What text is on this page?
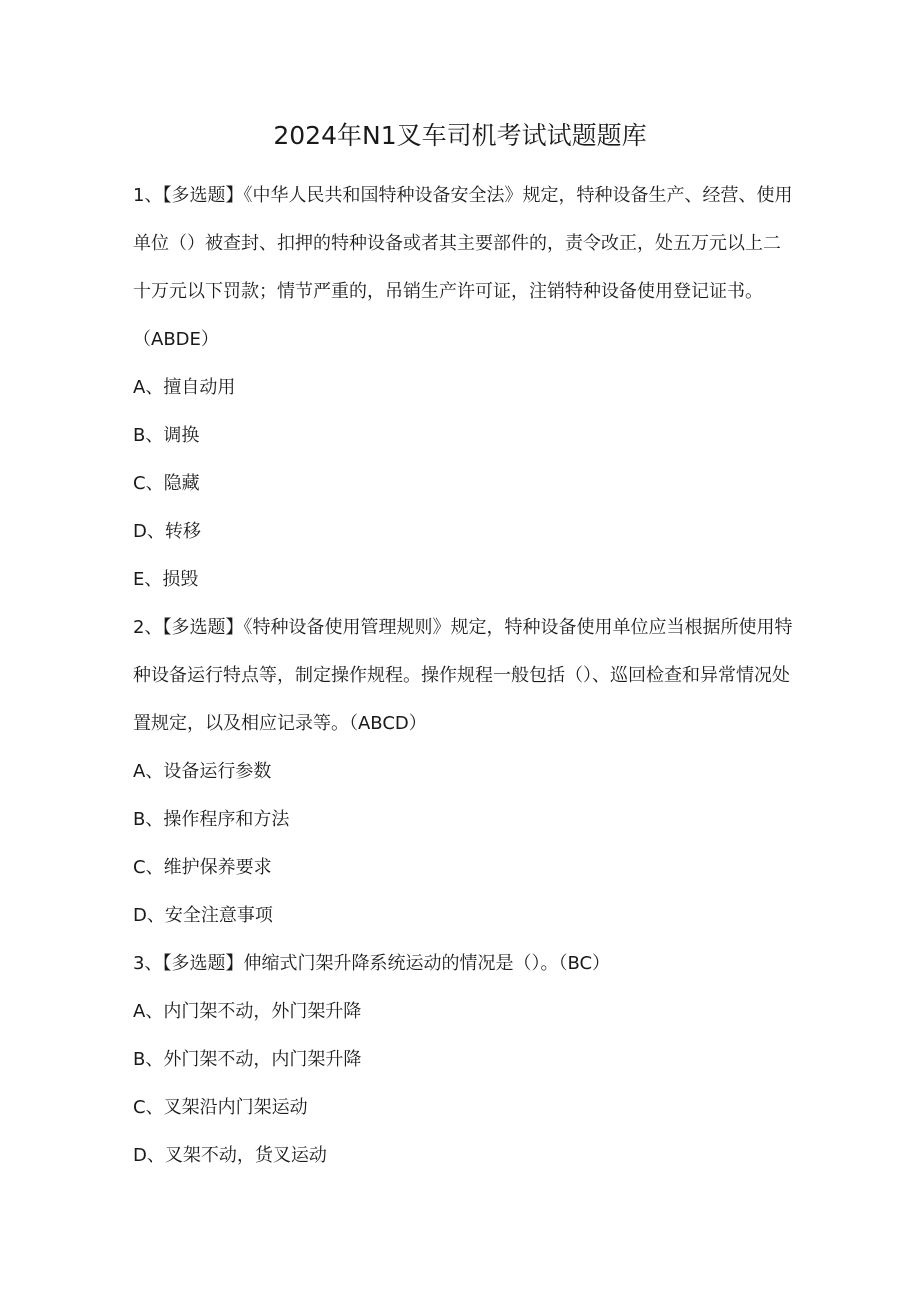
2024年N1叉车司机考试试题题库

1、【多选题】《中华人民共和国特种设备安全法》规定，特种设备生产、经营、使用单位（）被查封、扣押的特种设备或者其主要部件的，责令改正，处五万元以上二十万元以下罚款；情节严重的，吊销生产许可证，注销特种设备使用登记证书。（ABDE）

A、擅自动用

B、调换

C、隐藏

D、转移

E、损毁

2、【多选题】《特种设备使用管理规则》规定，特种设备使用单位应当根据所使用特种设备运行特点等，制定操作规程。操作规程一般包括（）、巡回检查和异常情况处置规定，以及相应记录等。（ABCD）

A、设备运行参数

B、操作程序和方法

C、维护保养要求

D、安全注意事项

3、【多选题】伸缩式门架升降系统运动的情况是（）。（BC）

A、内门架不动，外门架升降

B、外门架不动，内门架升降

C、叉架沿内门架运动

D、叉架不动，货叉运动
